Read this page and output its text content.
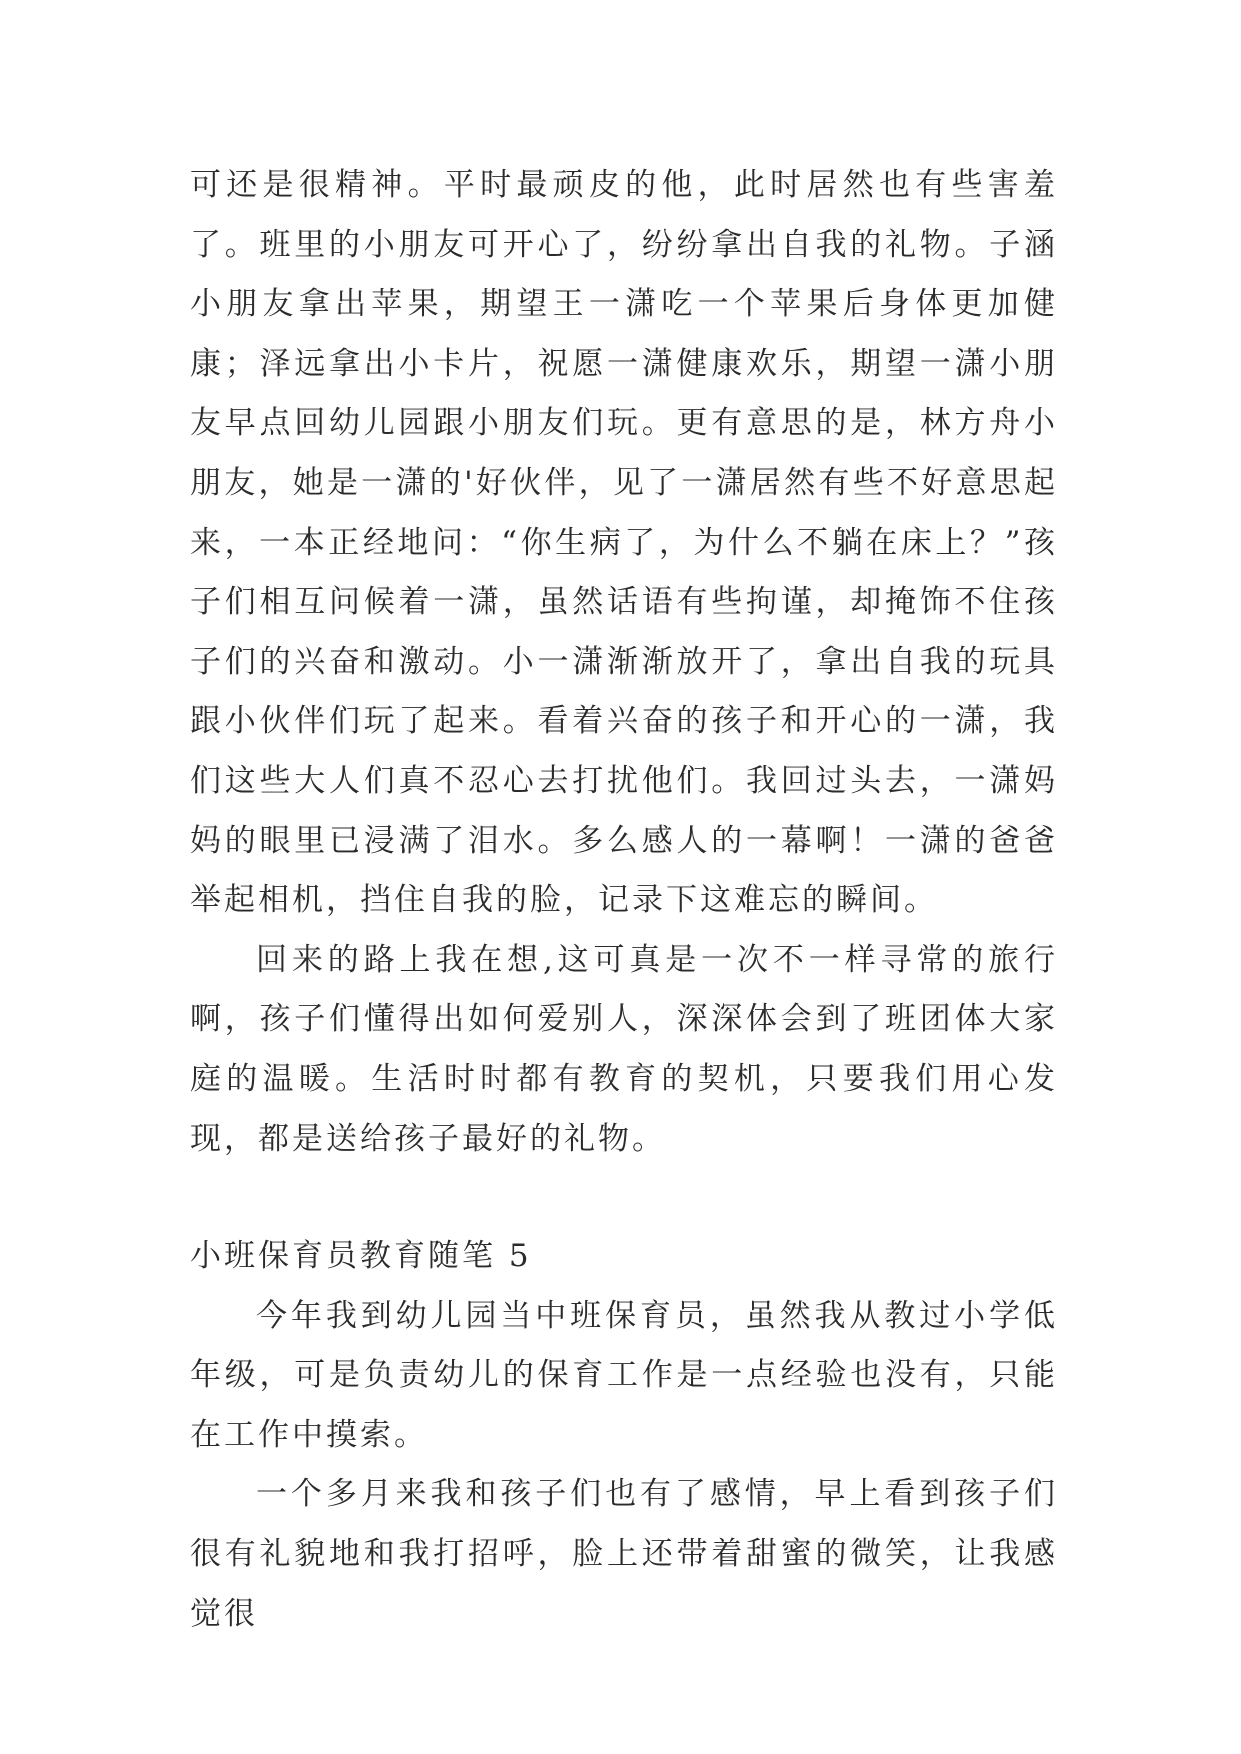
可还是很精神。平时最顽皮的他，此时居然也有些害羞了。班里的小朋友可开心了，纷纷拿出自我的礼物。子涵小朋友拿出苹果，期望王一潇吃一个苹果后身体更加健康；泽远拿出小卡片，祝愿一潇健康欢乐，期望一潇小朋友早点回幼儿园跟小朋友们玩。更有意思的是，林方舟小朋友，她是一潇的'好伙伴，见了一潇居然有些不好意思起来，一本正经地问：“你生病了，为什么不躺在床上？”孩子们相互问候着一潇，虽然话语有些拘谨，却掩饰不住孩子们的兴奋和激动。小一潇渐渐放开了，拿出自我的玩具跟小伙伴们玩了起来。看着兴奋的孩子和开心的一潇，我们这些大人们真不忍心去打扰他们。我回过头去，一潇妈妈的眼里已浸满了泪水。多么感人的一幕啊！一潇的爸爸举起相机，挡住自我的脸，记录下这难忘的瞬间。

回来的路上我在想,这可真是一次不一样寻常的旅行啊，孩子们懂得出如何爱别人，深深体会到了班团体大家庭的温暖。生活时时都有教育的契机，只要我们用心发现，都是送给孩子最好的礼物。

小班保育员教育随笔 5

今年我到幼儿园当中班保育员，虽然我从教过小学低年级，可是负责幼儿的保育工作是一点经验也没有，只能在工作中摸索。

一个多月来我和孩子们也有了感情，早上看到孩子们很有礼貌地和我打招呼，脸上还带着甜蜜的微笑，让我感觉很
